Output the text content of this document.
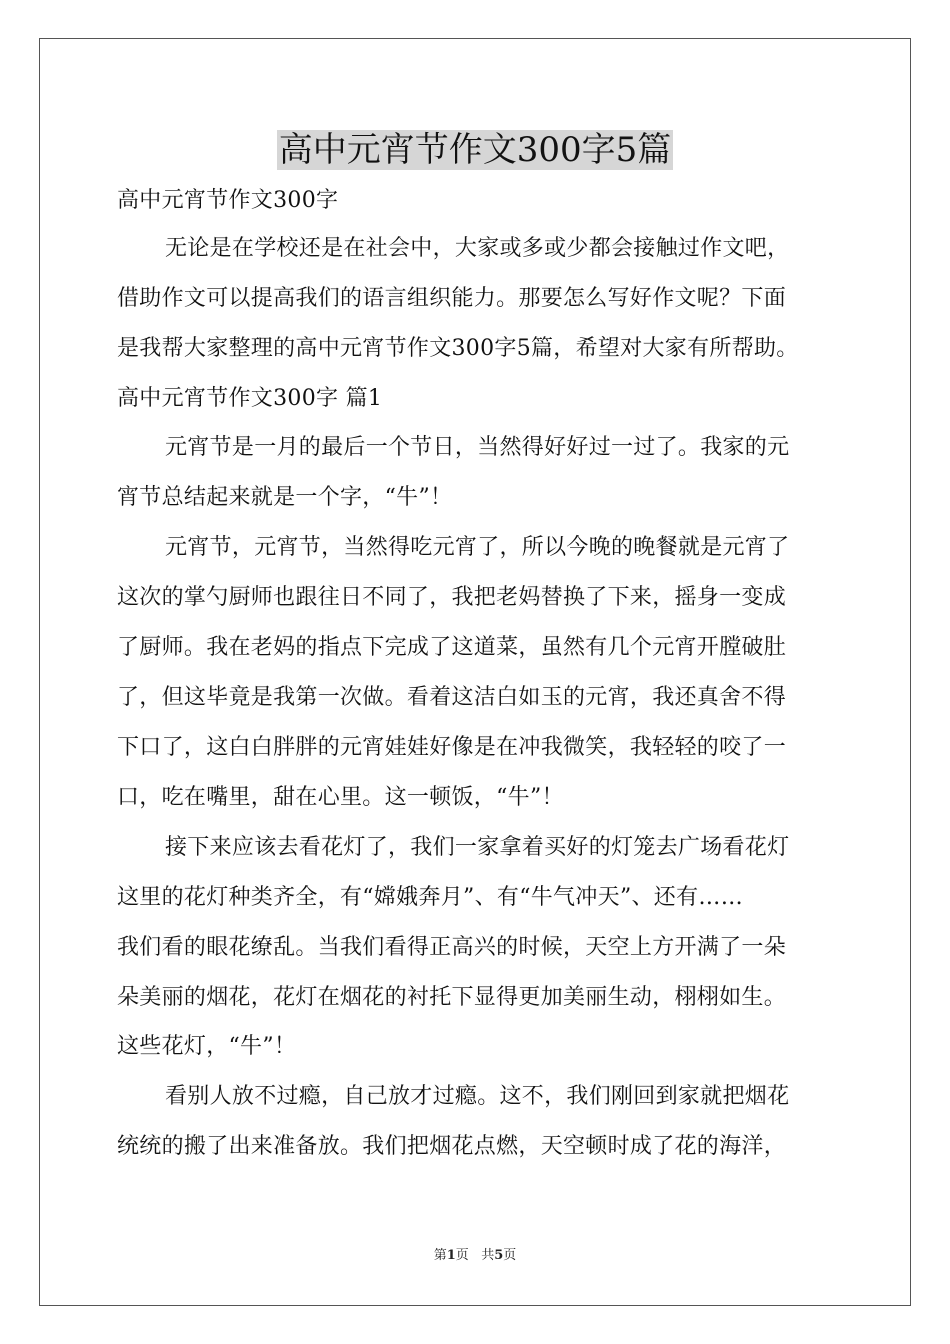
高中元宵节作文300字5篇
高中元宵节作文300字
无论是在学校还是在社会中，大家或多或少都会接触过作文吧，
借助作文可以提高我们的语言组织能力。那要怎么写好作文呢？下面
是我帮大家整理的高中元宵节作文300字5篇，希望对大家有所帮助。
高中元宵节作文300字 篇1
元宵节是一月的最后一个节日，当然得好好过一过了。我家的元
宵节总结起来就是一个字，“牛”！
元宵节，元宵节，当然得吃元宵了，所以今晚的晚餐就是元宵了
这次的掌勺厨师也跟往日不同了，我把老妈替换了下来，摇身一变成
了厨师。我在老妈的指点下完成了这道菜，虽然有几个元宵开膛破肚
了，但这毕竟是我第一次做。看着这洁白如玉的元宵，我还真舍不得
下口了，这白白胖胖的元宵娃娃好像是在冲我微笑，我轻轻的咬了一
口，吃在嘴里，甜在心里。这一顿饭，“牛”！
接下来应该去看花灯了，我们一家拿着买好的灯笼去广场看花灯
这里的花灯种类齐全，有“嫦娥奔月”、有“牛气冲天”、还有……
我们看的眼花缭乱。当我们看得正高兴的时候，天空上方开满了一朵
朵美丽的烟花，花灯在烟花的衬托下显得更加美丽生动，栩栩如生。
这些花灯，“牛”！
看别人放不过瘾，自己放才过瘾。这不，我们刚回到家就把烟花
统统的搬了出来准备放。我们把烟花点燃，天空顿时成了花的海洋，
第1页 共5页
